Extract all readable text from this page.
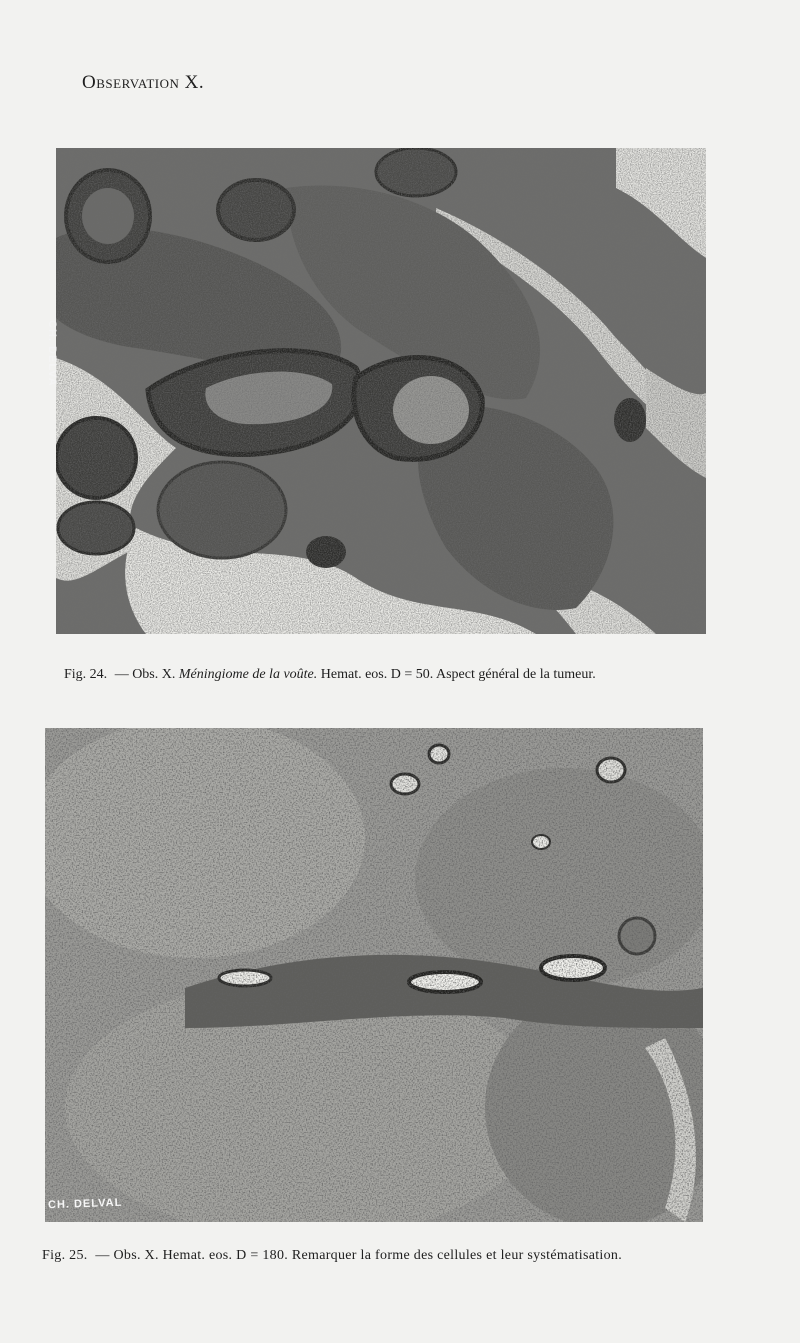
Observation X.
CH. DELVA
Fig. 24. — Obs. X. Méningiome de la voûte. Hemat. eos. D = 50. Aspect général de la tumeur.
CH. DELVAL
Fig. 25. — Obs. X. Hemat. eos. D = 180. Remarquer la forme des cellules et leur systématisation.
